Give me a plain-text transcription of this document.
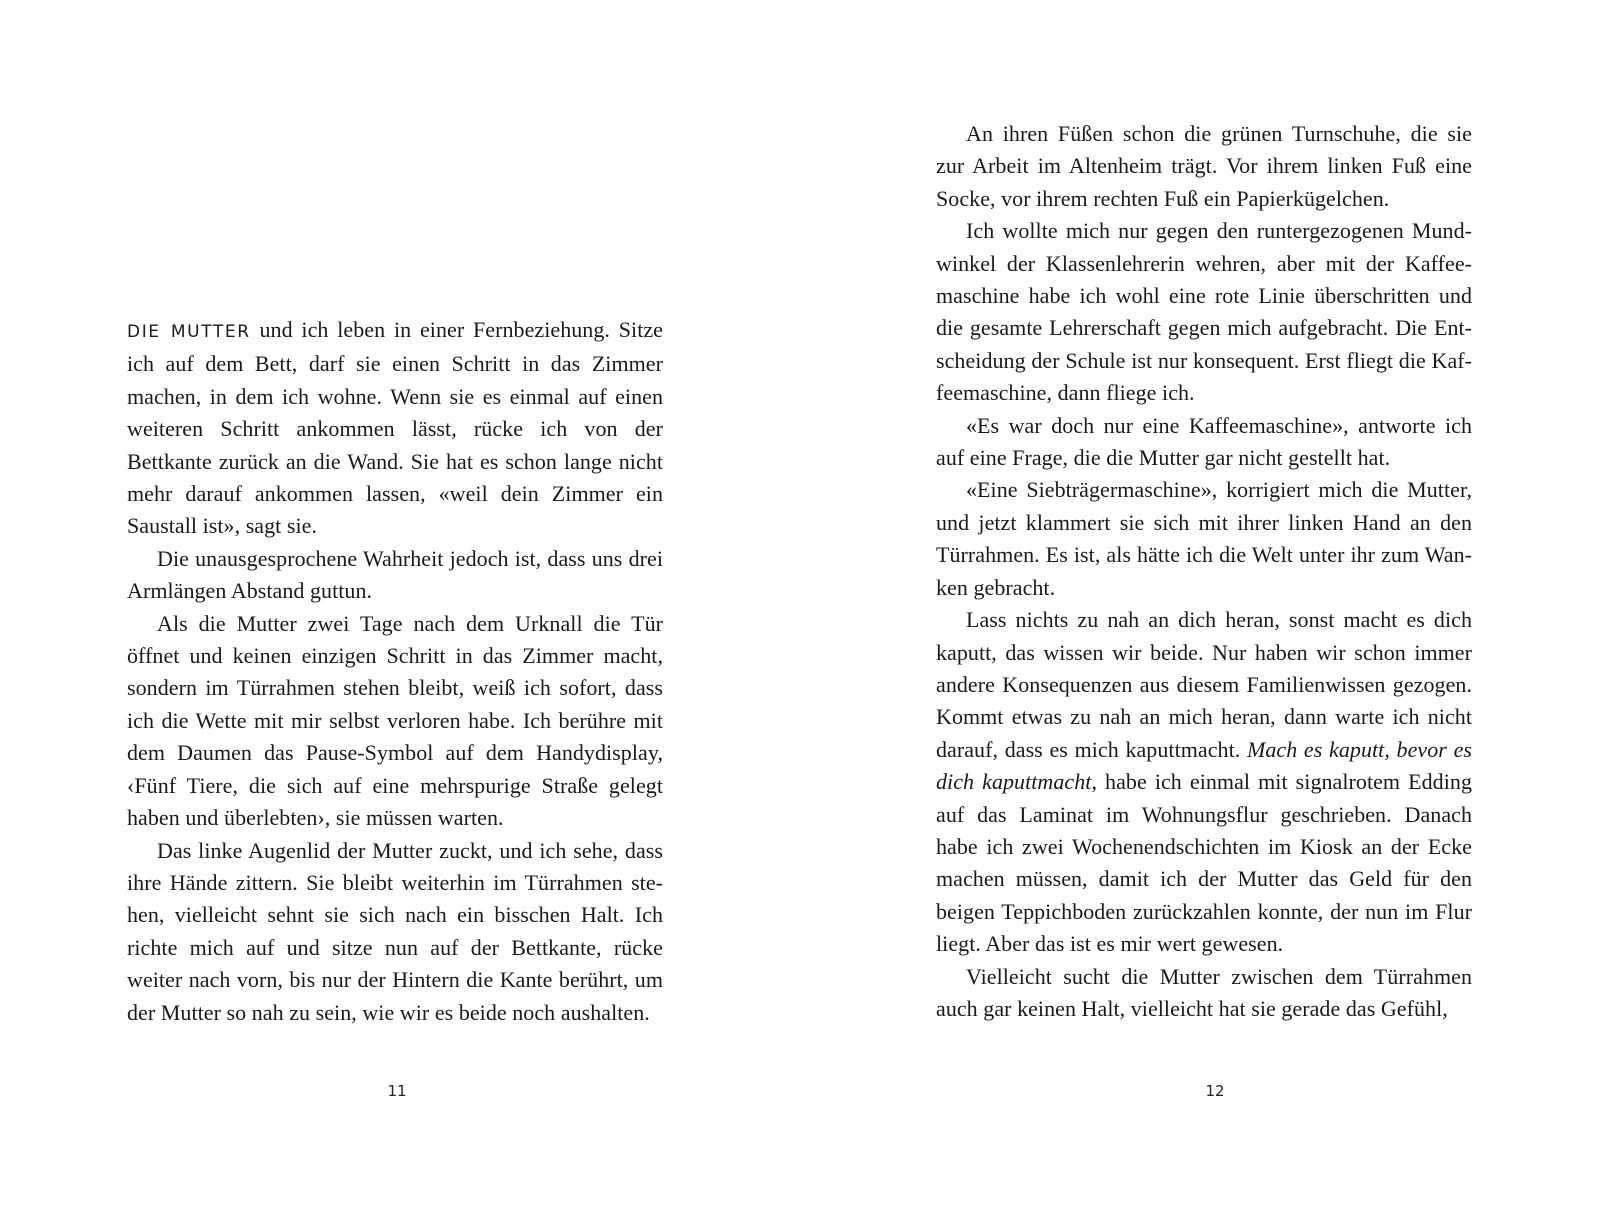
DIE MUTTER und ich leben in einer Fernbeziehung. Sitze ich auf dem Bett, darf sie einen Schritt in das Zimmer machen, in dem ich wohne. Wenn sie es einmal auf einen weiteren Schritt ankommen lässt, rücke ich von der Bettkante zurück an die Wand. Sie hat es schon lange nicht mehr darauf ankommen lassen, «weil dein Zimmer ein Saustall ist», sagt sie.

Die unausgesprochene Wahrheit jedoch ist, dass uns drei Armlängen Abstand guttun.

Als die Mutter zwei Tage nach dem Urknall die Tür öffnet und keinen einzigen Schritt in das Zimmer macht, sondern im Türrahmen stehen bleibt, weiß ich sofort, dass ich die Wette mit mir selbst verloren habe. Ich berühre mit dem Daumen das Pause-Symbol auf dem Handydisplay, ‹Fünf Tiere, die sich auf eine mehrspurige Straße gelegt haben und überlebten›, sie müssen warten.

Das linke Augenlid der Mutter zuckt, und ich sehe, dass ihre Hände zittern. Sie bleibt weiterhin im Türrahmen stehen, vielleicht sehnt sie sich nach ein bisschen Halt. Ich richte mich auf und sitze nun auf der Bettkante, rücke weiter nach vorn, bis nur der Hintern die Kante berührt, um der Mutter so nah zu sein, wie wir es beide noch aushalten.

11

An ihren Füßen schon die grünen Turnschuhe, die sie zur Arbeit im Altenheim trägt. Vor ihrem linken Fuß eine Socke, vor ihrem rechten Fuß ein Papierkügelchen.

Ich wollte mich nur gegen den runtergezogenen Mundwinkel der Klassenlehrerin wehren, aber mit der Kaffeemaschine habe ich wohl eine rote Linie überschritten und die gesamte Lehrerschaft gegen mich aufgebracht. Die Entscheidung der Schule ist nur konsequent. Erst fliegt die Kaffeemaschine, dann fliege ich.

«Es war doch nur eine Kaffeemaschine», antworte ich auf eine Frage, die die Mutter gar nicht gestellt hat.

«Eine Siebträgermaschine», korrigiert mich die Mutter, und jetzt klammert sie sich mit ihrer linken Hand an den Türrahmen. Es ist, als hätte ich die Welt unter ihr zum Wanken gebracht.

Lass nichts zu nah an dich heran, sonst macht es dich kaputt, das wissen wir beide. Nur haben wir schon immer andere Konsequenzen aus diesem Familienwissen gezogen. Kommt etwas zu nah an mich heran, dann warte ich nicht darauf, dass es mich kaputtmacht. Mach es kaputt, bevor es dich kaputtmacht, habe ich einmal mit signalrotem Edding auf das Laminat im Wohnungsflur geschrieben. Danach habe ich zwei Wochenendschichten im Kiosk an der Ecke machen müssen, damit ich der Mutter das Geld für den beigen Teppichboden zurückzahlen konnte, der nun im Flur liegt. Aber das ist es mir wert gewesen.

Vielleicht sucht die Mutter zwischen dem Türrahmen auch gar keinen Halt, vielleicht hat sie gerade das Gefühl,

12
